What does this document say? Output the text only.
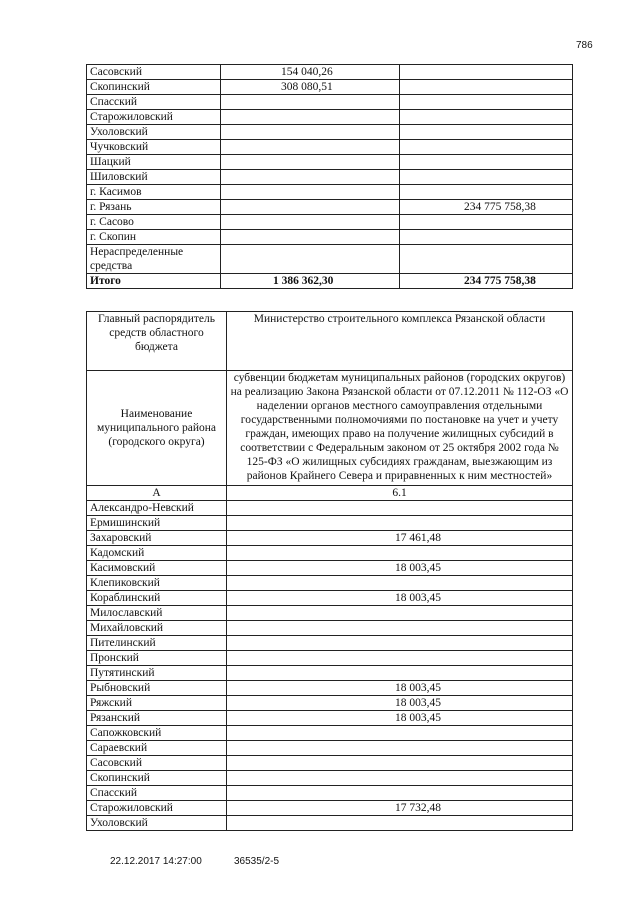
786
Сасовский	154 040,26	
Скопинский	308 080,51	
Спасский		
Старожиловский		
Ухоловский		
Чучковский		
Шацкий		
Шиловский		
г. Касимов		
г. Рязань		234 775 758,38
г. Сасово		
г. Скопин		
Нераспределенные
средства		
Итого	1 386 362,30	234 775 758,38
Главный распорядитель средств областного бюджета	Министерство строительного комплекса Рязанской области
Наименование муниципального района (городского округа)	субвенции бюджетам муниципальных районов (городских округов) на реализацию Закона Рязанской области от 07.12.2011 № 112-ОЗ «О наделении органов местного самоуправления отдельными государственными полномочиями по постановке на учет и учету граждан, имеющих право на получение жилищных субсидий в соответствии с Федеральным законом от 25 октября 2002 года № 125-ФЗ «О жилищных субсидиях гражданам, выезжающим из районов Крайнего Севера и приравненных к ним местностей»
А	6.1
Александро-Невский	
Ермишинский	
Захаровский	17 461,48
Кадомский	
Касимовский	18 003,45
Клепиковский	
Кораблинский	18 003,45
Милославский	
Михайловский	
Пителинский	
Пронский	
Путятинский	
Рыбновский	18 003,45
Ряжский	18 003,45
Рязанский	18 003,45
Сапожковский	
Сараевский	
Сасовский	
Скопинский	
Спасский	
Старожиловский	17 732,48
Ухоловский	
22.12.2017 14:27:00	36535/2-5
